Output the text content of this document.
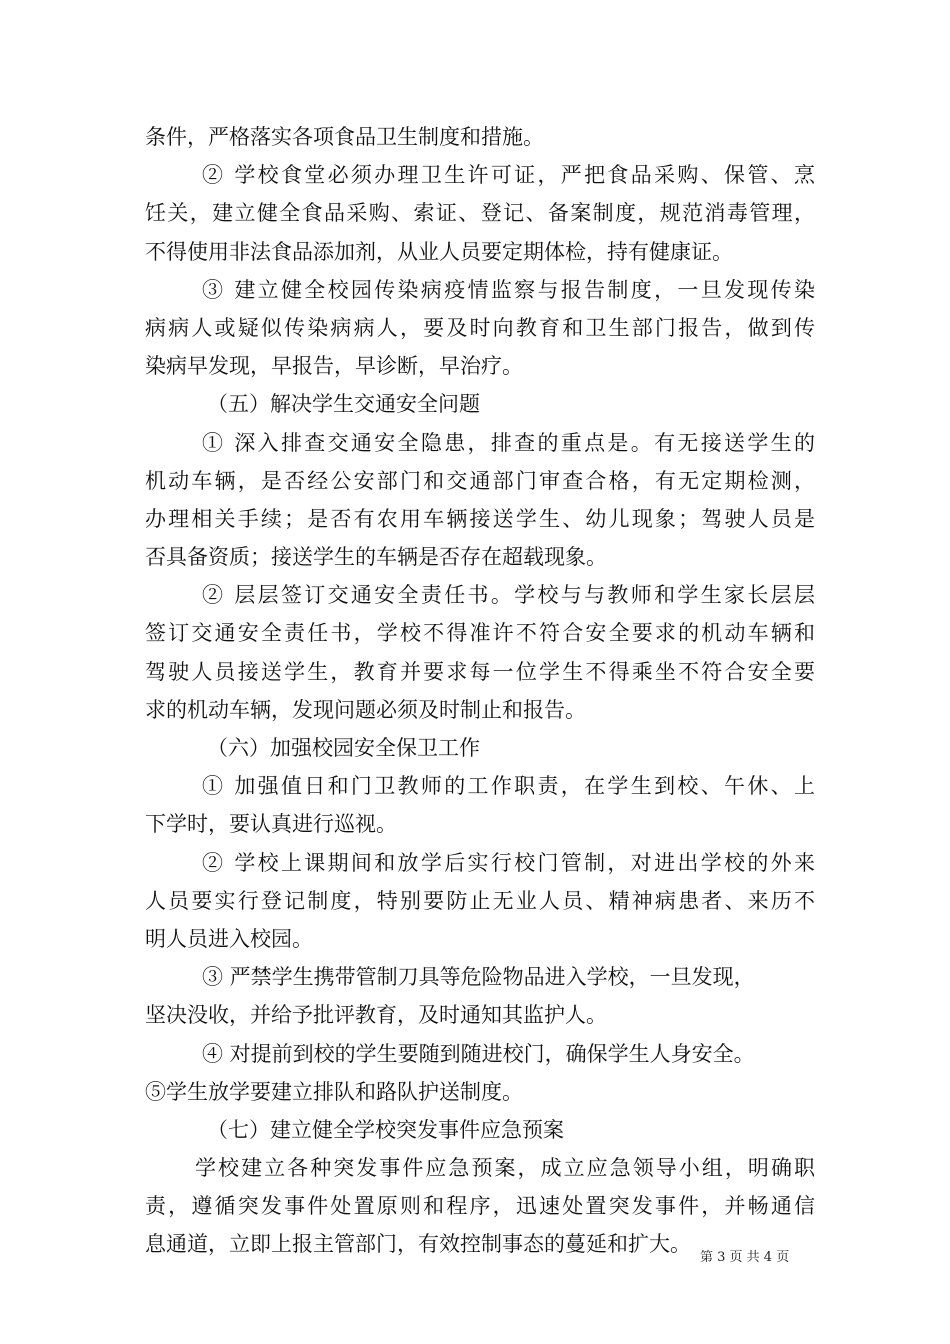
条件，严格落实各项食品卫生制度和措施。
② 学校食堂必须办理卫生许可证，严把食品采购、保管、烹
饪关，建立健全食品采购、索证、登记、备案制度，规范消毒管理，
不得使用非法食品添加剂，从业人员要定期体检，持有健康证。
③ 建立健全校园传染病疫情监察与报告制度，一旦发现传染
病病人或疑似传染病病人，要及时向教育和卫生部门报告，做到传
染病早发现，早报告，早诊断，早治疗。
（五）解决学生交通安全问题
① 深入排查交通安全隐患，排查的重点是。有无接送学生的
机动车辆，是否经公安部门和交通部门审查合格，有无定期检测，
办理相关手续；是否有农用车辆接送学生、幼儿现象；驾驶人员是
否具备资质；接送学生的车辆是否存在超载现象。
② 层层签订交通安全责任书。学校与与教师和学生家长层层
签订交通安全责任书，学校不得准许不符合安全要求的机动车辆和
驾驶人员接送学生，教育并要求每一位学生不得乘坐不符合安全要
求的机动车辆，发现问题必须及时制止和报告。
（六）加强校园安全保卫工作
① 加强值日和门卫教师的工作职责，在学生到校、午休、上
下学时，要认真进行巡视。
② 学校上课期间和放学后实行校门管制，对进出学校的外来
人员要实行登记制度，特别要防止无业人员、精神病患者、来历不
明人员进入校园。
③ 严禁学生携带管制刀具等危险物品进入学校，一旦发现，
坚决没收，并给予批评教育，及时通知其监护人。
④ 对提前到校的学生要随到随进校门，确保学生人身安全。
⑤学生放学要建立排队和路队护送制度。
（七）建立健全学校突发事件应急预案
学校建立各种突发事件应急预案，成立应急领导小组，明确职
责，遵循突发事件处置原则和程序，迅速处置突发事件，并畅通信
息通道，立即上报主管部门，有效控制事态的蔓延和扩大。
第 3 页 共 4 页
